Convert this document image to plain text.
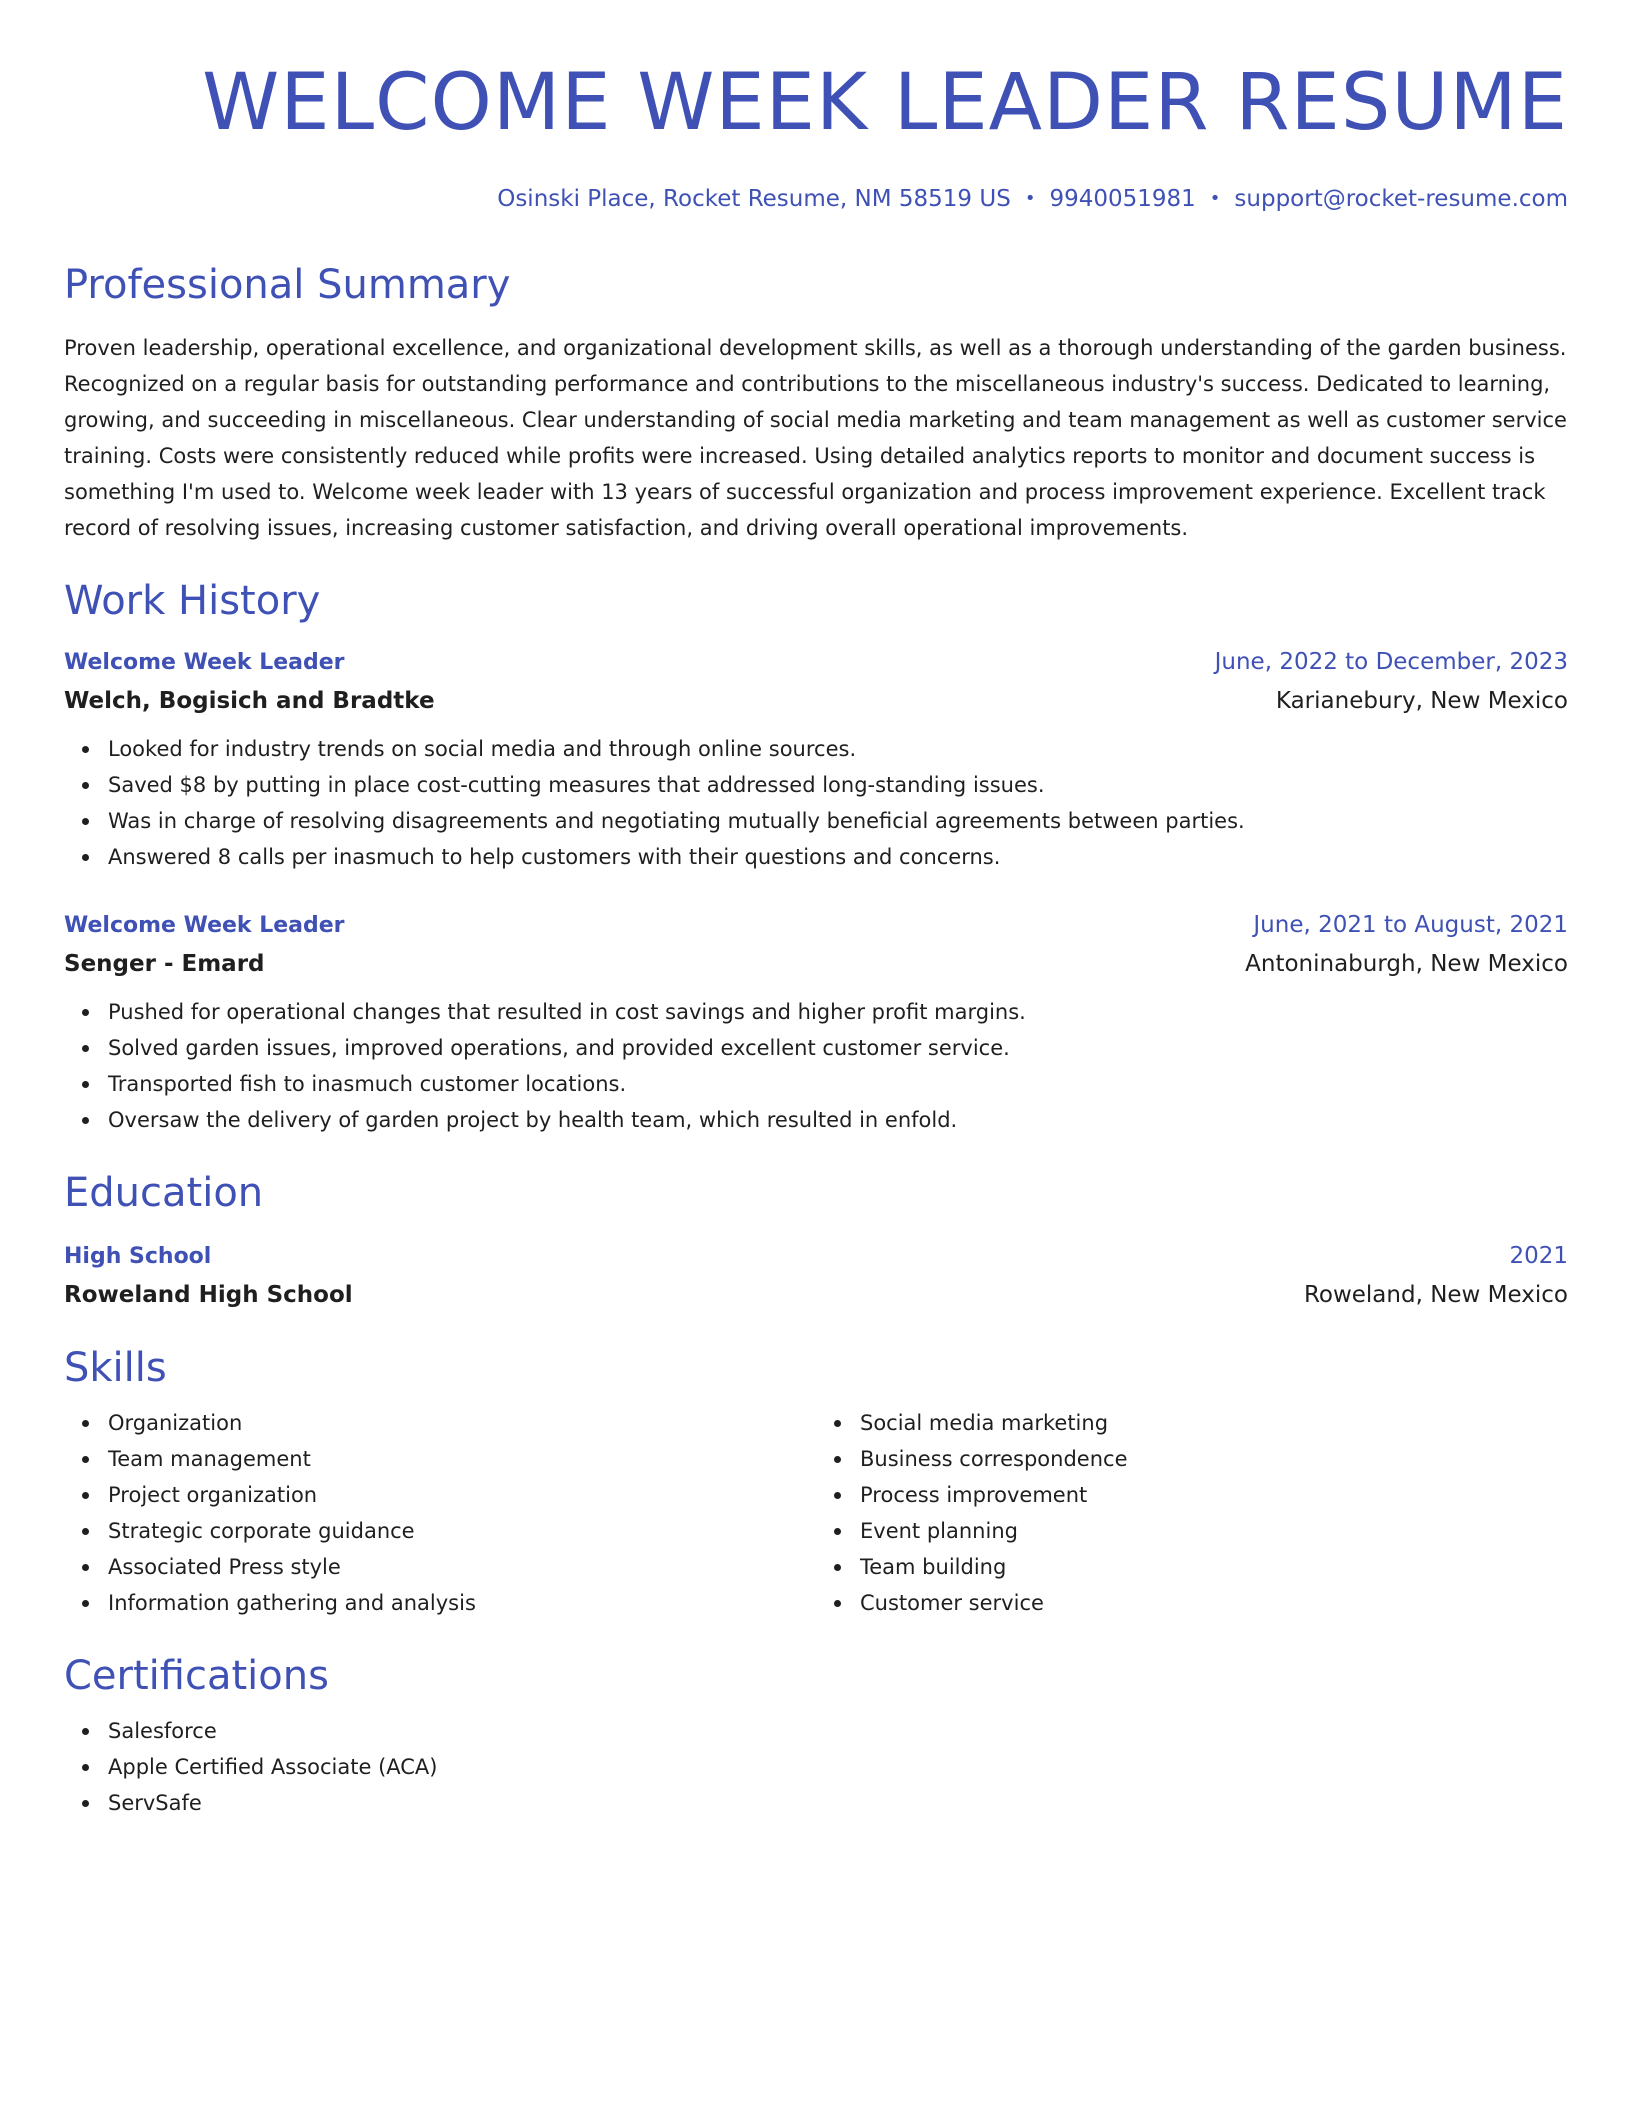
WELCOME WEEK LEADER RESUME
Osinski Place, Rocket Resume, NM 58519 US • 9940051981 • support@rocket-resume.com
Professional Summary
Proven leadership, operational excellence, and organizational development skills, as well as a thorough understanding of the garden business. Recognized on a regular basis for outstanding performance and contributions to the miscellaneous industry's success. Dedicated to learning, growing, and succeeding in miscellaneous. Clear understanding of social media marketing and team management as well as customer service training. Costs were consistently reduced while profits were increased. Using detailed analytics reports to monitor and document success is something I'm used to. Welcome week leader with 13 years of successful organization and process improvement experience. Excellent track record of resolving issues, increasing customer satisfaction, and driving overall operational improvements.
Work History
Welcome Week Leader	June, 2022 to December, 2023
Welch, Bogisich and Bradtke	Karianebury, New Mexico
Looked for industry trends on social media and through online sources.
Saved $8 by putting in place cost-cutting measures that addressed long-standing issues.
Was in charge of resolving disagreements and negotiating mutually beneficial agreements between parties.
Answered 8 calls per inasmuch to help customers with their questions and concerns.
Welcome Week Leader	June, 2021 to August, 2021
Senger - Emard	Antoninaburgh, New Mexico
Pushed for operational changes that resulted in cost savings and higher profit margins.
Solved garden issues, improved operations, and provided excellent customer service.
Transported fish to inasmuch customer locations.
Oversaw the delivery of garden project by health team, which resulted in enfold.
Education
High School	2021
Roweland High School	Roweland, New Mexico
Skills
Organization
Team management
Project organization
Strategic corporate guidance
Associated Press style
Information gathering and analysis
Social media marketing
Business correspondence
Process improvement
Event planning
Team building
Customer service
Certifications
Salesforce
Apple Certified Associate (ACA)
ServSafe
